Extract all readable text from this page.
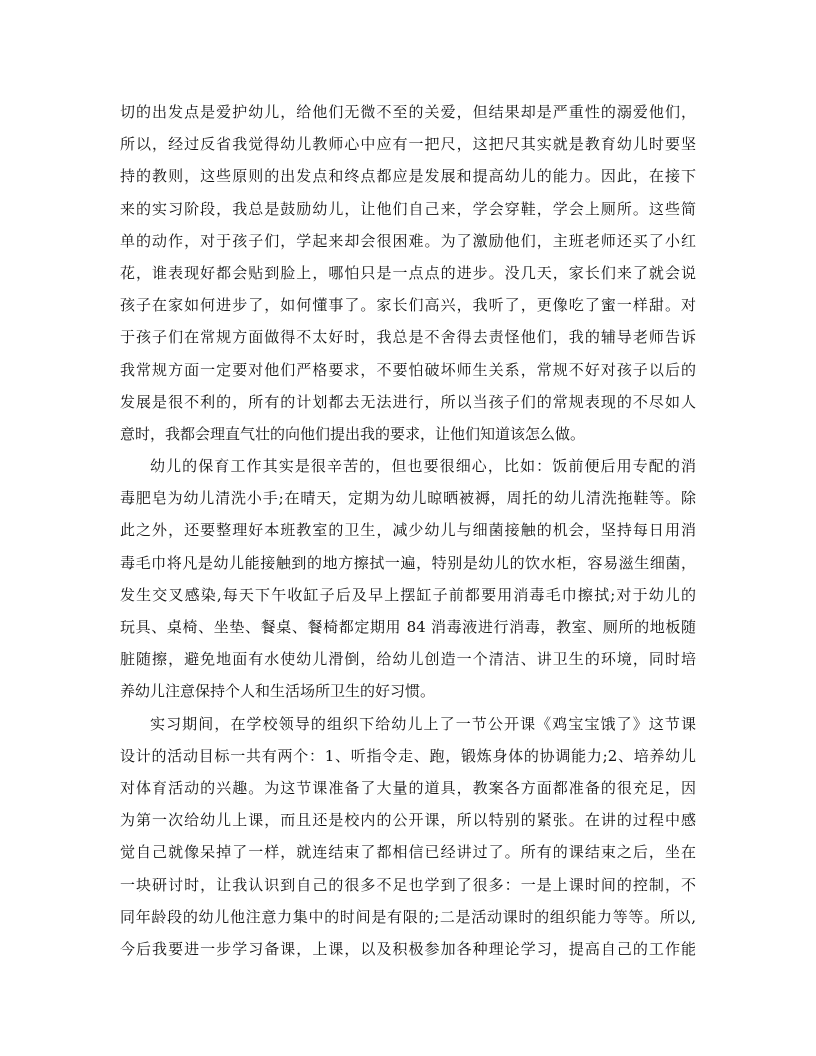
切的出发点是爱护幼儿，给他们无微不至的关爱，但结果却是严重性的溺爱他们，
所以，经过反省我觉得幼儿教师心中应有一把尺，这把尺其实就是教育幼儿时要坚
持的教则，这些原则的出发点和终点都应是发展和提高幼儿的能力。因此，在接下
来的实习阶段，我总是鼓励幼儿，让他们自己来，学会穿鞋，学会上厕所。这些简
单的动作，对于孩子们，学起来却会很困难。为了激励他们，主班老师还买了小红
花，谁表现好都会贴到脸上，哪怕只是一点点的进步。没几天，家长们来了就会说
孩子在家如何进步了，如何懂事了。家长们高兴，我听了，更像吃了蜜一样甜。对
于孩子们在常规方面做得不太好时，我总是不舍得去责怪他们，我的辅导老师告诉
我常规方面一定要对他们严格要求，不要怕破坏师生关系，常规不好对孩子以后的
发展是很不利的，所有的计划都去无法进行，所以当孩子们的常规表现的不尽如人
意时，我都会理直气壮的向他们提出我的要求，让他们知道该怎么做。
幼儿的保育工作其实是很辛苦的，但也要很细心，比如：饭前便后用专配的消
毒肥皂为幼儿清洗小手;在晴天，定期为幼儿晾晒被褥，周托的幼儿清洗拖鞋等。除
此之外，还要整理好本班教室的卫生，减少幼儿与细菌接触的机会，坚持每日用消
毒毛巾将凡是幼儿能接触到的地方擦拭一遍，特别是幼儿的饮水柜，容易滋生细菌，
发生交叉感染,每天下午收缸子后及早上摆缸子前都要用消毒毛巾擦拭;对于幼儿的
玩具、桌椅、坐垫、餐桌、餐椅都定期用 84 消毒液进行消毒，教室、厕所的地板随
脏随擦，避免地面有水使幼儿滑倒，给幼儿创造一个清洁、讲卫生的环境，同时培
养幼儿注意保持个人和生活场所卫生的好习惯。
实习期间，在学校领导的组织下给幼儿上了一节公开课《鸡宝宝饿了》这节课
设计的活动目标一共有两个：1、听指令走、跑，锻炼身体的协调能力;2、培养幼儿
对体育活动的兴趣。为这节课准备了大量的道具，教案各方面都准备的很充足，因
为第一次给幼儿上课，而且还是校内的公开课，所以特别的紧张。在讲的过程中感
觉自己就像呆掉了一样，就连结束了都相信已经讲过了。所有的课结束之后，坐在
一块研讨时，让我认识到自己的很多不足也学到了很多：一是上课时间的控制，不
同年龄段的幼儿他注意力集中的时间是有限的;二是活动课时的组织能力等等。所以,
今后我要进一步学习备课，上课，以及积极参加各种理论学习，提高自己的工作能
